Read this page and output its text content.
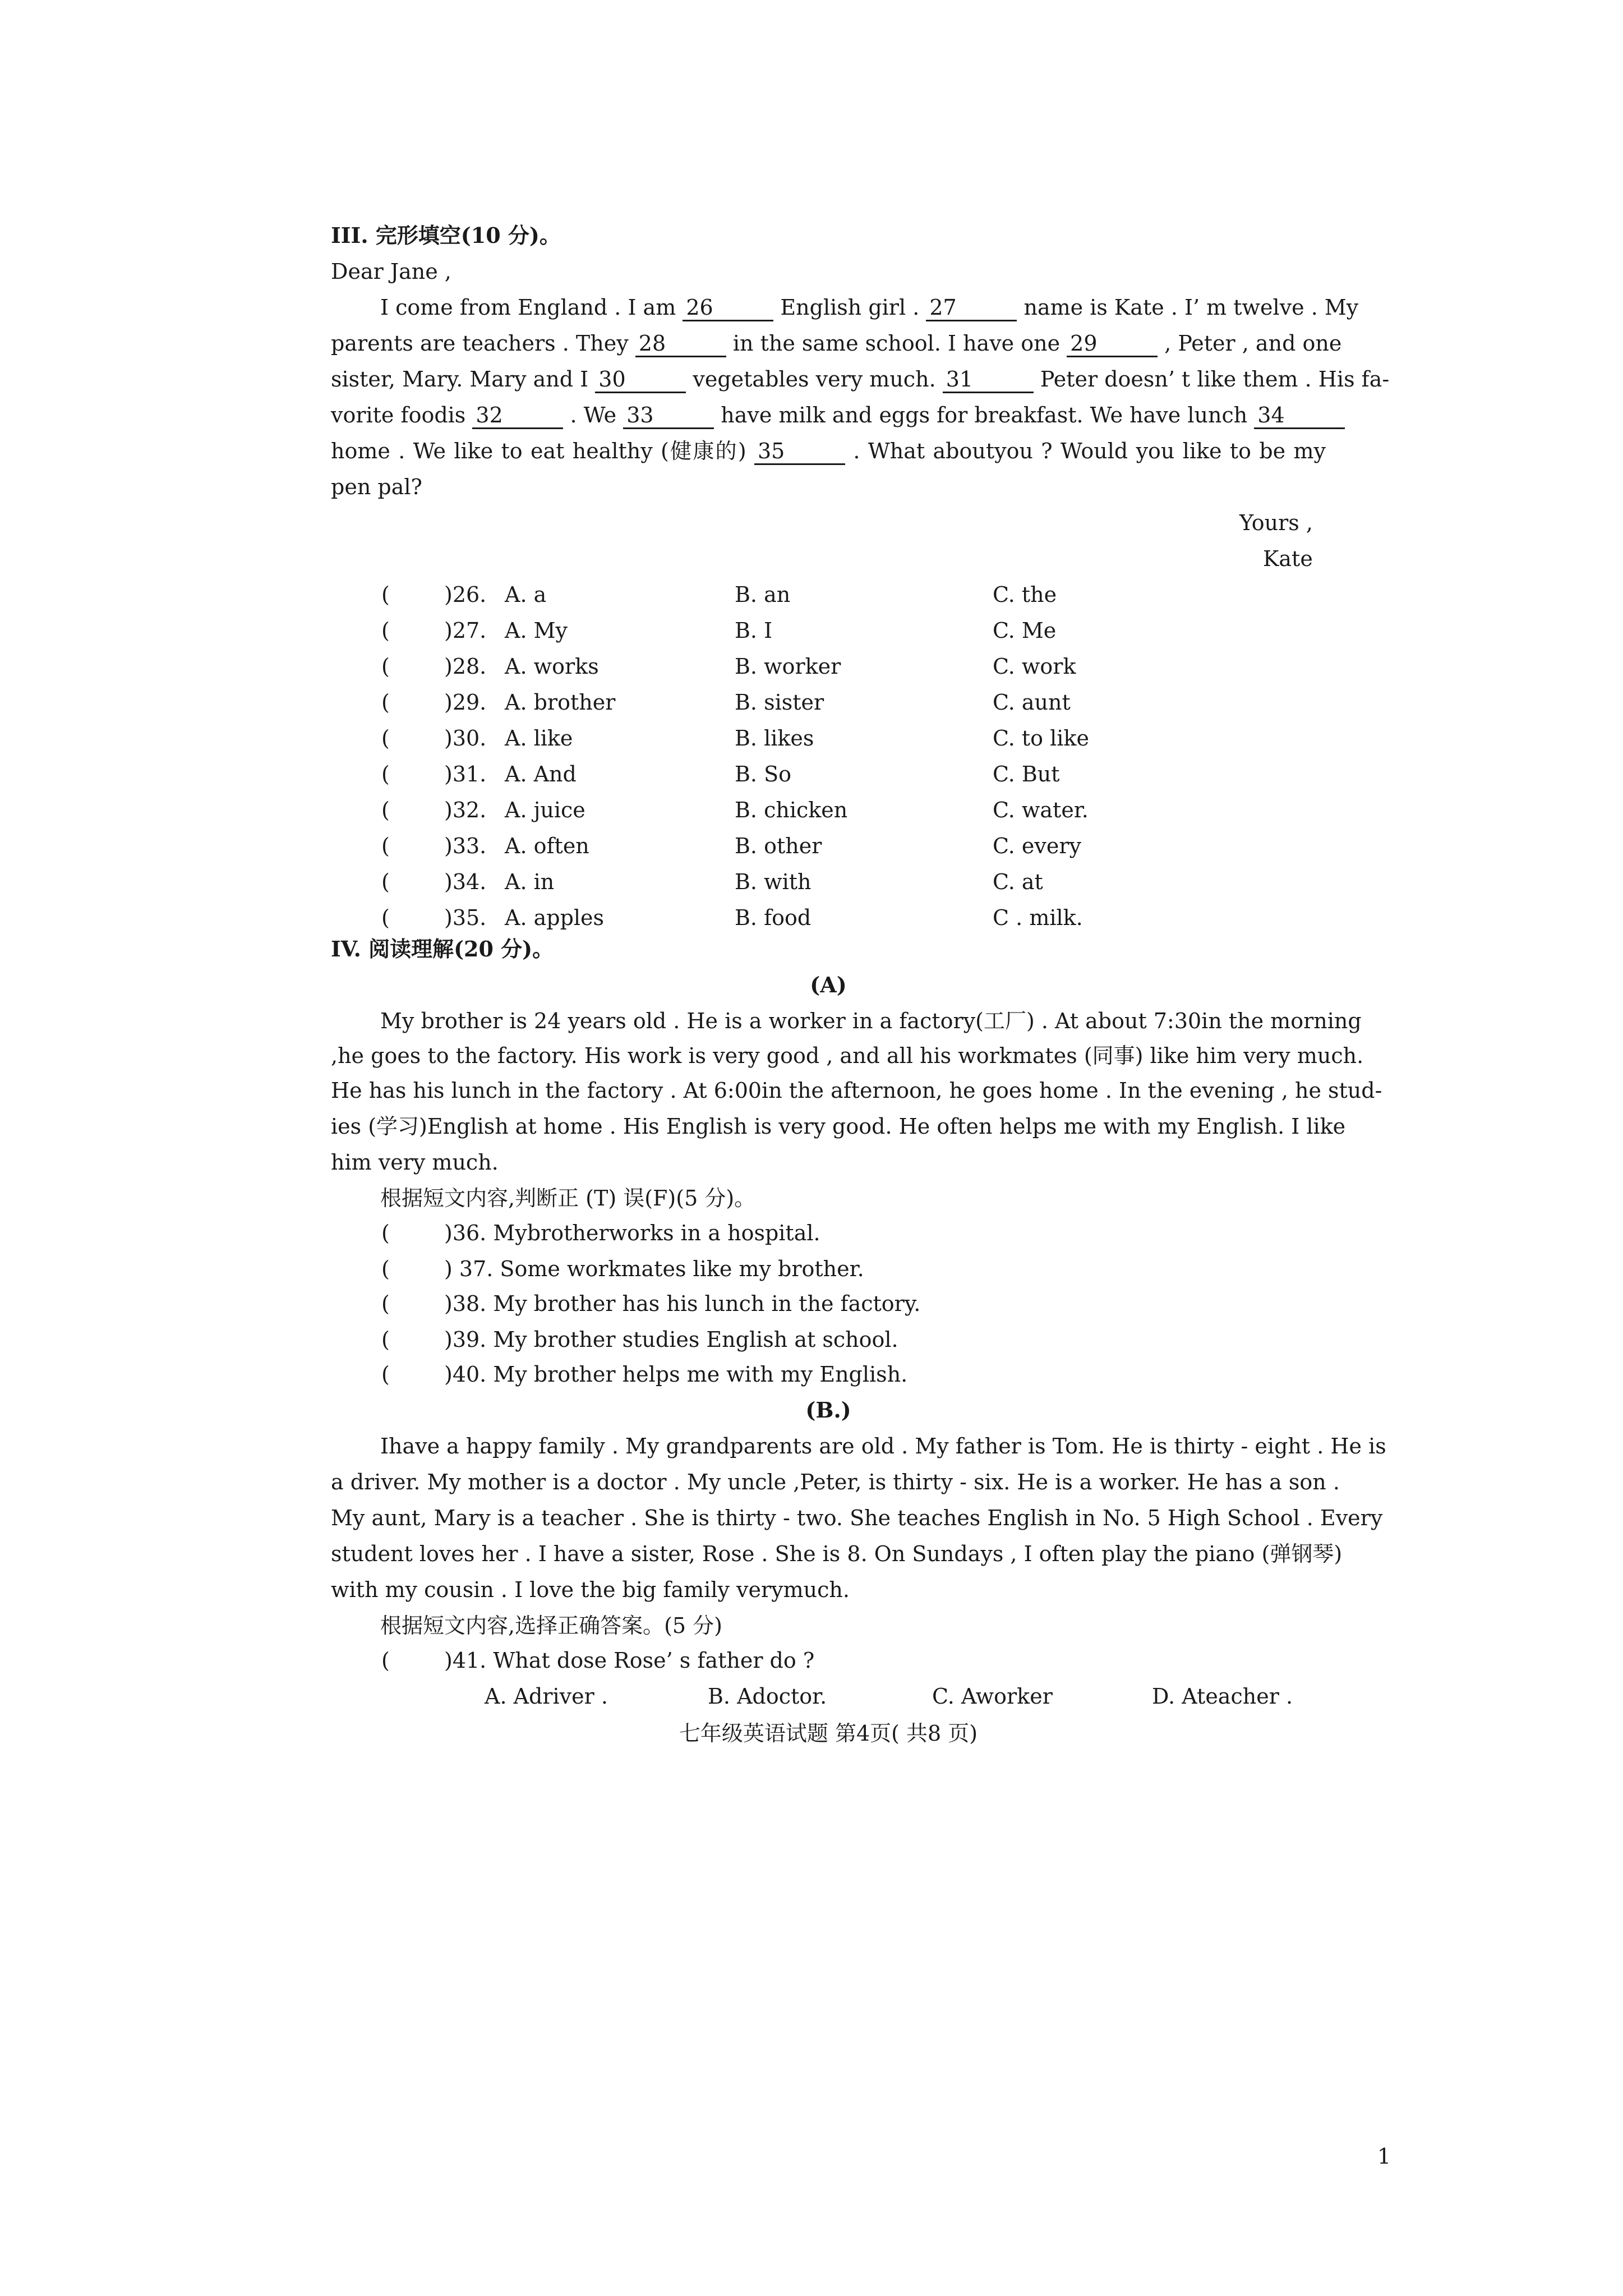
III. 完形填空(10 分)。
Dear Jane ,
I come from England . I am 26	English girl . 27	name is Kate . I’ m twelve . My
parents are teachers . They 28	in the same school. I have one 29	, Peter , and one
sister, Mary. Mary and I 30	vegetables very much. 31	Peter doesn’ t like them . His fa-
vorite foodis 32	. We 33	have milk and eggs for breakfast. We have lunch 34
home . We like to eat healthy (健康的) 35	. What aboutyou ? Would you like to be my
pen pal?
Yours ,
Kate
(	)26. A. a	B. an	C. the
(	)27. A. My	B. I	C. Me
(	)28. A. works	B. worker	C. work
(	)29. A. brother	B. sister	C. aunt
(	)30. A. like	B. likes	C. to like
(	)31. A. And	B. So	C. But
(	)32. A. juice	B. chicken	C. water.
(	)33. A. often	B. other	C. every
(	)34. A. in	B. with	C. at
(	)35. A. apples	B. food	C . milk.
IV. 阅读理解(20 分)。
(A)
My brother is 24 years old . He is a worker in a factory(工厂) . At about 7:30in the morning
,he goes to the factory. His work is very good , and all his workmates (同事) like him very much.
He has his lunch in the factory . At 6:00in the afternoon, he goes home . In the evening , he stud-
ies (学习)English at home . His English is very good. He often helps me with my English. I like
him very much.
根据短文内容,判断正 (T) 误(F)(5 分)。
(	)36. Mybrotherworks in a hospital.
(	) 37. Some workmates like my brother.
(	)38. My brother has his lunch in the factory.
(	)39. My brother studies English at school.
(	)40. My brother helps me with my English.
(B.)
Ihave a happy family . My grandparents are old . My father is Tom. He is thirty - eight . He is
a driver. My mother is a doctor . My uncle ,Peter, is thirty - six. He is a worker. He has a son .
My aunt, Mary is a teacher . She is thirty - two. She teaches English in No. 5 High School . Every
student loves her . I have a sister, Rose . She is 8. On Sundays , I often play the piano (弹钢琴)
with my cousin . I love the big family verymuch.
根据短文内容,选择正确答案。(5 分)
(	)41. What dose Rose’ s father do ?
A. Adriver .	B. Adoctor.	C. Aworker	D. Ateacher .
七年级英语试题 第4页( 共8 页)
1
